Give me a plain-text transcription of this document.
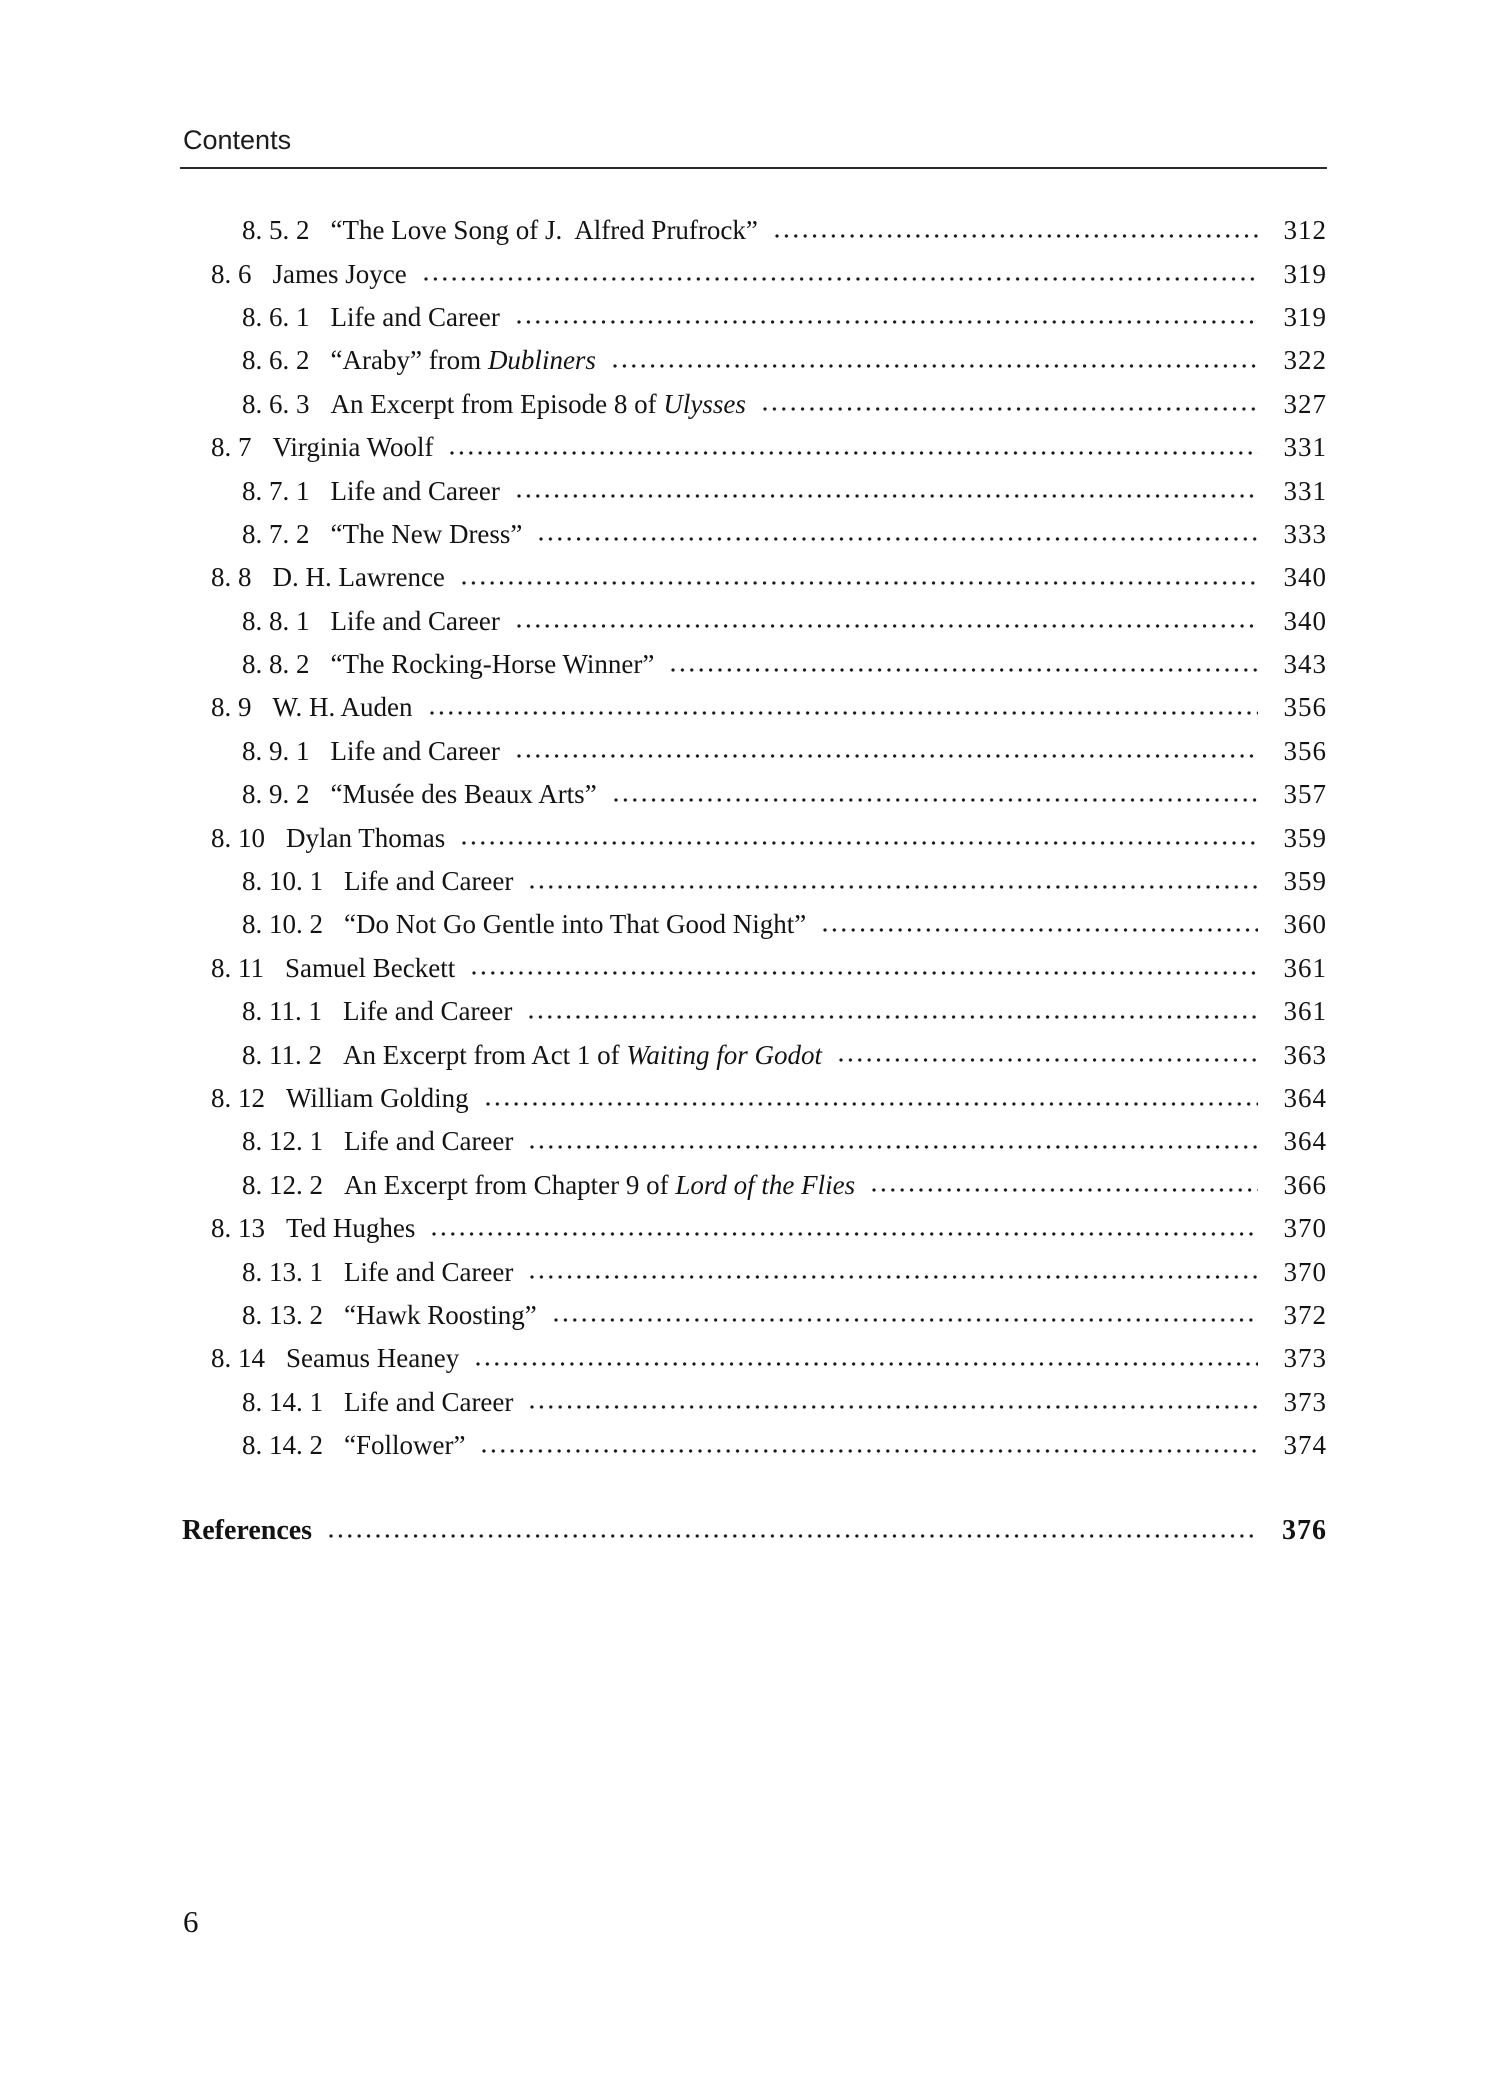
Contents
8. 5. 2 “The Love Song of J.  Alfred Prufrock”	312
8. 6 James Joyce	319
8. 6. 1 Life and Career	319
8. 6. 2 “Araby” from Dubliners	322
8. 6. 3 An Excerpt from Episode 8 of Ulysses	327
8. 7 Virginia Woolf	331
8. 7. 1 Life and Career	331
8. 7. 2 “The New Dress”	333
8. 8 D. H. Lawrence	340
8. 8. 1 Life and Career	340
8. 8. 2 “The Rocking-Horse Winner”	343
8. 9 W. H. Auden	356
8. 9. 1 Life and Career	356
8. 9. 2 “Musée des Beaux Arts”	357
8. 10 Dylan Thomas	359
8. 10. 1 Life and Career	359
8. 10. 2 “Do Not Go Gentle into That Good Night”	360
8. 11 Samuel Beckett	361
8. 11. 1 Life and Career	361
8. 11. 2 An Excerpt from Act 1 of Waiting for Godot	363
8. 12 William Golding	364
8. 12. 1 Life and Career	364
8. 12. 2 An Excerpt from Chapter 9 of Lord of the Flies	366
8. 13 Ted Hughes	370
8. 13. 1 Life and Career	370
8. 13. 2 “Hawk Roosting”	372
8. 14 Seamus Heaney	373
8. 14. 1 Life and Career	373
8. 14. 2 “Follower”	374
References	376
6
